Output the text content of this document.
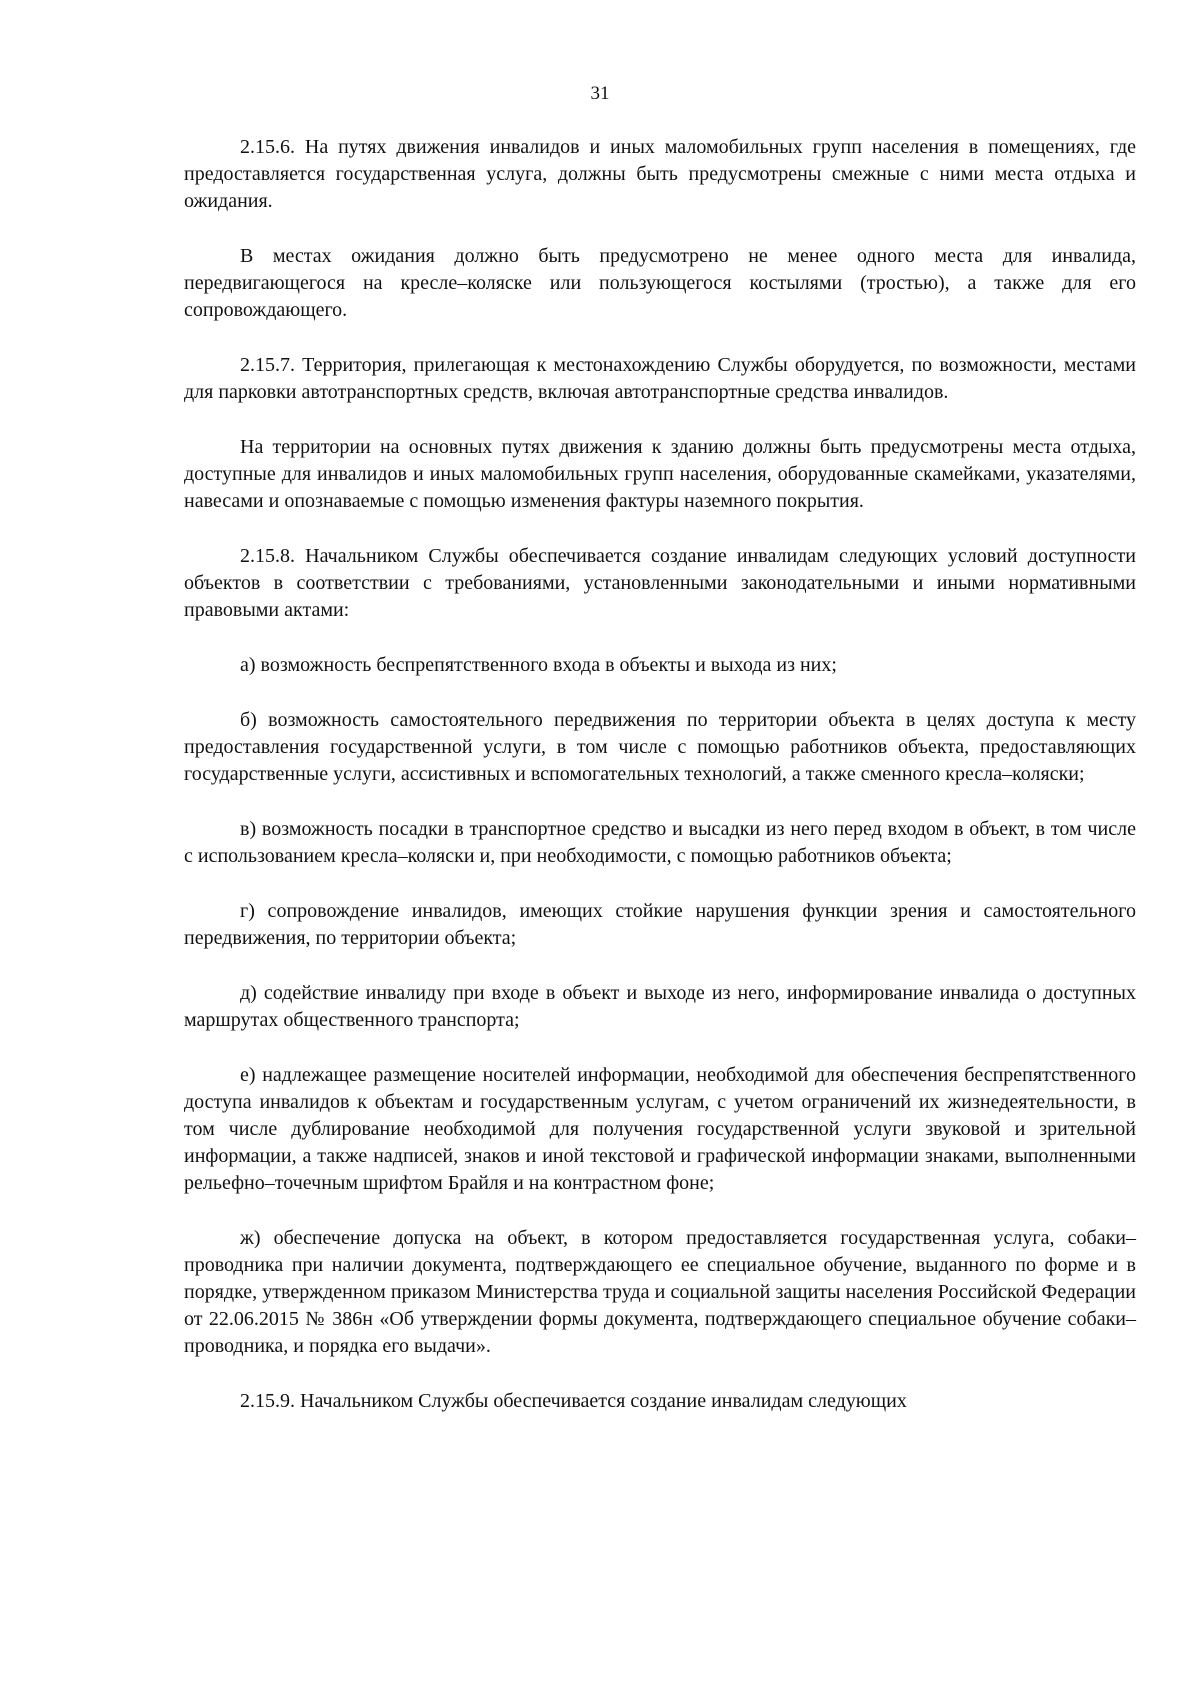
31

2.15.6. На путях движения инвалидов и иных маломобильных групп населения в помещениях, где предоставляется государственная услуга, должны быть предусмотрены смежные с ними места отдыха и ожидания.

В местах ожидания должно быть предусмотрено не менее одного места для инвалида, передвигающегося на кресле–коляске или пользующегося костылями (тростью), а также для его сопровождающего.

2.15.7. Территория, прилегающая к местонахождению Службы оборудуется, по возможности, местами для парковки автотранспортных средств, включая автотранспортные средства инвалидов.

На территории на основных путях движения к зданию должны быть предусмотрены места отдыха, доступные для инвалидов и иных маломобильных групп населения, оборудованные скамейками, указателями, навесами и опознаваемые с помощью изменения фактуры наземного покрытия.

2.15.8. Начальником Службы обеспечивается создание инвалидам следующих условий доступности объектов в соответствии с требованиями, установленными законодательными и иными нормативными правовыми актами:

а) возможность беспрепятственного входа в объекты и выхода из них;

б) возможность самостоятельного передвижения по территории объекта в целях доступа к месту предоставления государственной услуги, в том числе с помощью работников объекта, предоставляющих государственные услуги, ассистивных и вспомогательных технологий, а также сменного кресла–коляски;

в) возможность посадки в транспортное средство и высадки из него перед входом в объект, в том числе с использованием кресла–коляски и, при необходимости, с помощью работников объекта;

г) сопровождение инвалидов, имеющих стойкие нарушения функции зрения и самостоятельного передвижения, по территории объекта;

д) содействие инвалиду при входе в объект и выходе из него, информирование инвалида о доступных маршрутах общественного транспорта;

е) надлежащее размещение носителей информации, необходимой для обеспечения беспрепятственного доступа инвалидов к объектам и государственным услугам, с учетом ограничений их жизнедеятельности, в том числе дублирование необходимой для получения государственной услуги звуковой и зрительной информации, а также надписей, знаков и иной текстовой и графической информации знаками, выполненными рельефно–точечным шрифтом Брайля и на контрастном фоне;

ж) обеспечение допуска на объект, в котором предоставляется государственная услуга, собаки–проводника при наличии документа, подтверждающего ее специальное обучение, выданного по форме и в порядке, утвержденном приказом Министерства труда и социальной защиты населения Российской Федерации от 22.06.2015 № 386н «Об утверждении формы документа, подтверждающего специальное обучение собаки–проводника, и порядка его выдачи».

2.15.9. Начальником Службы обеспечивается создание инвалидам следующих
